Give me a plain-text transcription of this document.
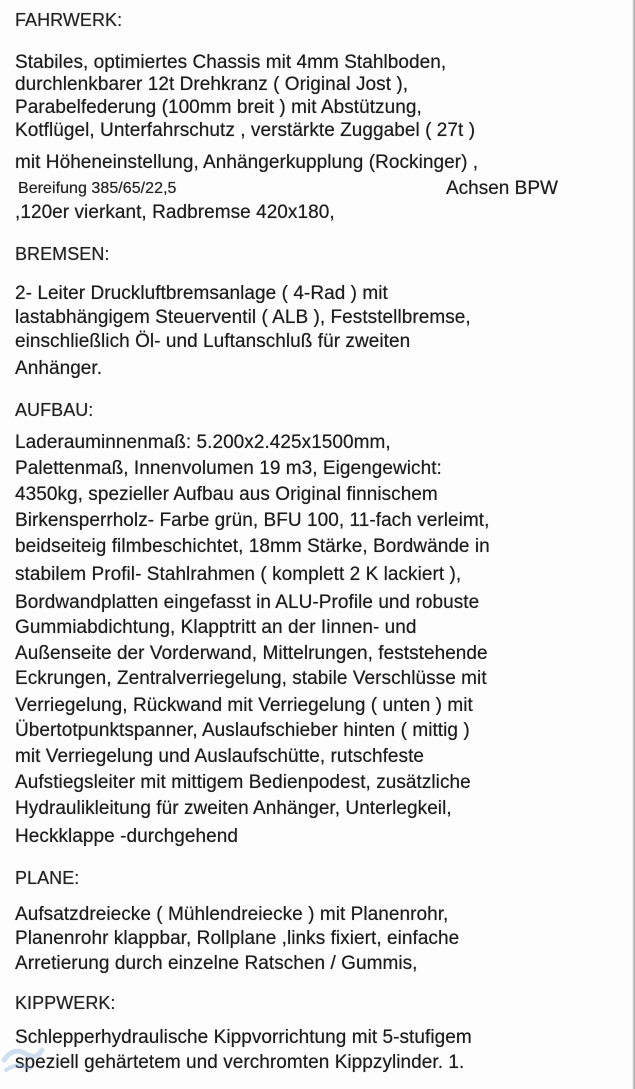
FAHRWERK:
Stabiles, optimiertes Chassis mit 4mm Stahlboden,
durchlenkbarer 12t Drehkranz ( Original Jost ),
Parabelfederung (100mm breit ) mit Abstützung,
Kotflügel, Unterfahrschutz , verstärkte Zuggabel ( 27t )
mit Höheneinstellung, Anhängerkupplung (Rockinger) ,
Bereifung 385/65/22,5	Achsen BPW
,120er vierkant, Radbremse 420x180,
BREMSEN:
2- Leiter Druckluftbremsanlage ( 4-Rad ) mit
lastabhängigem Steuerventil ( ALB ), Feststellbremse,
einschließlich Öl- und Luftanschluß für zweiten
Anhänger.
AUFBAU:
Laderauminnenmaß: 5.200x2.425x1500mm,
Palettenmaß, Innenvolumen 19 m3, Eigengewicht:
4350kg, spezieller Aufbau aus Original finnischem
Birkensperrholz- Farbe grün, BFU 100, 11-fach verleimt,
beidseiteig filmbeschichtet, 18mm Stärke, Bordwände in
stabilem Profil- Stahlrahmen ( komplett 2 K lackiert ),
Bordwandplatten eingefasst in ALU-Profile und robuste
Gummiabdichtung, Klapptritt an der Iinnen- und
Außenseite der Vorderwand, Mittelrungen, feststehende
Eckrungen, Zentralverriegelung, stabile Verschlüsse mit
Verriegelung, Rückwand mit Verriegelung ( unten ) mit
Übertotpunktspanner, Auslaufschieber hinten ( mittig )
mit Verriegelung und Auslaufschütte, rutschfeste
Aufstiegsleiter mit mittigem Bedienpodest, zusätzliche
Hydraulikleitung für zweiten Anhänger, Unterlegkeil,
Heckklappe -durchgehend
PLANE:
Aufsatzdreiecke ( Mühlendreiecke ) mit Planenrohr,
Planenrohr klappbar, Rollplane ,links fixiert, einfache
Arretierung durch einzelne Ratschen / Gummis,
KIPPWERK:
Schlepperhydraulische Kippvorrichtung mit 5-stufigem
speziell gehärtetem und verchromten Kippzylinder. 1.
